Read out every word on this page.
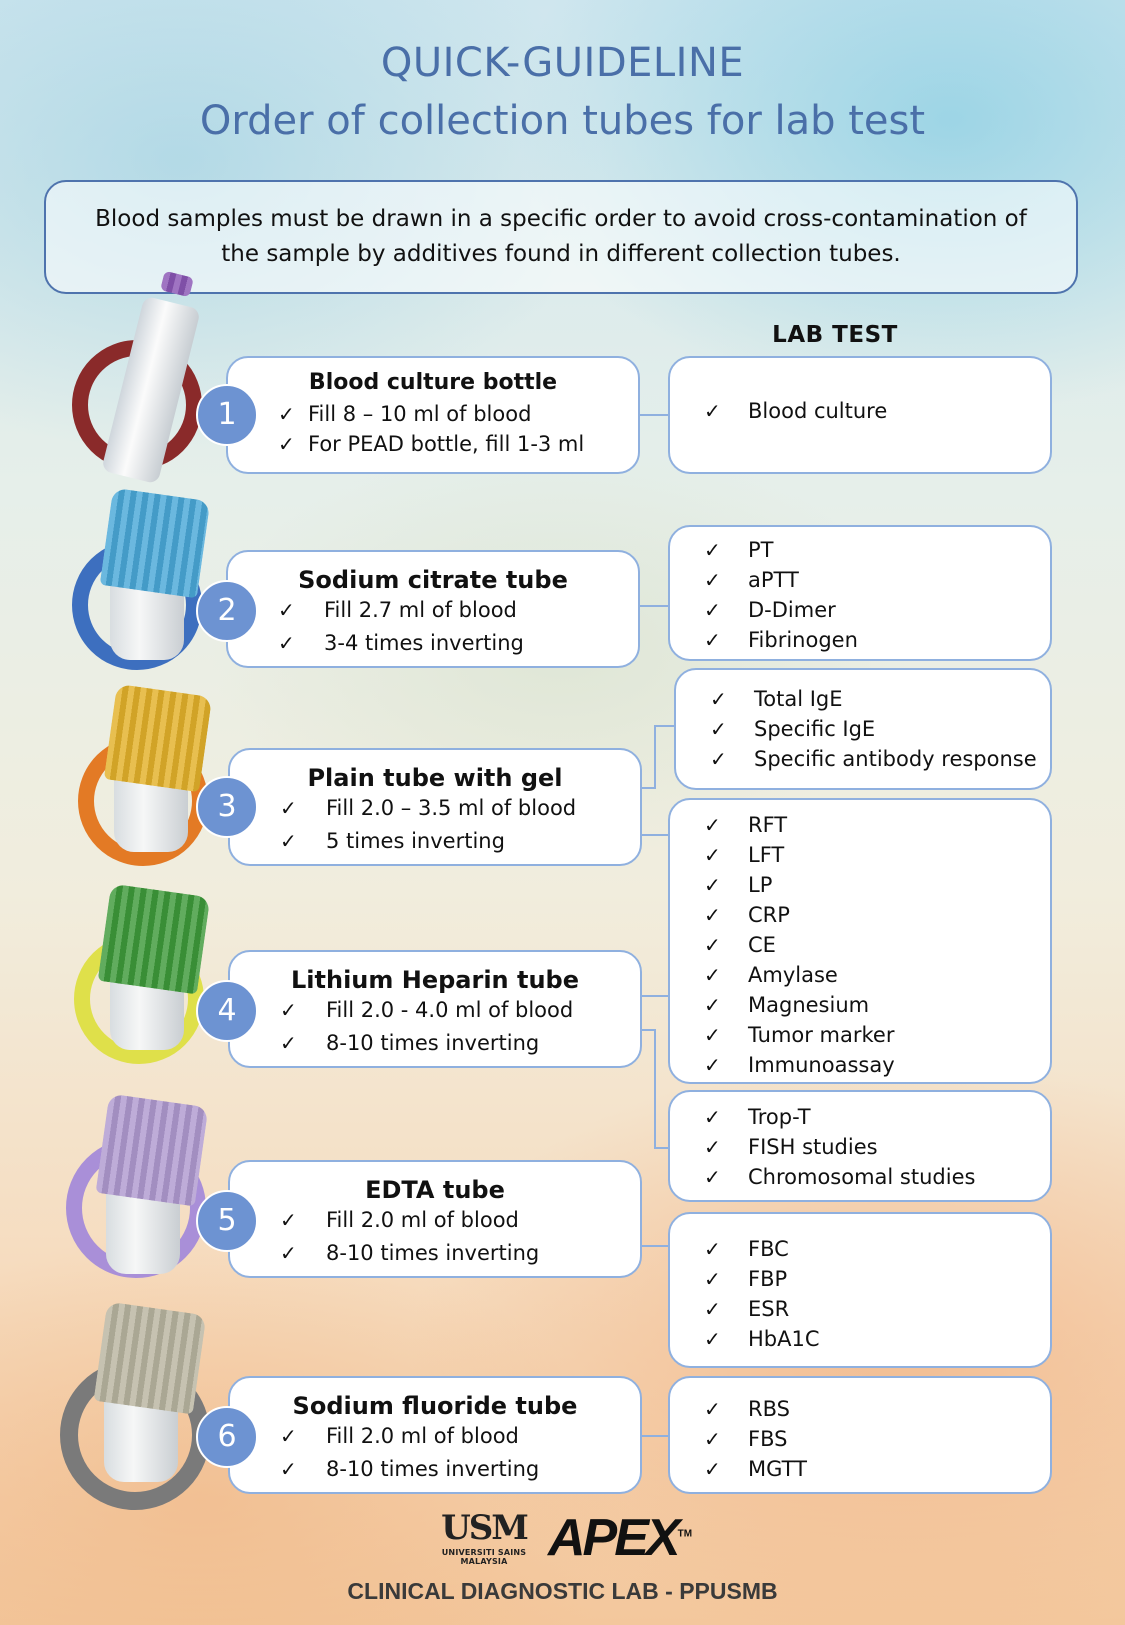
QUICK-GUIDELINE
Order of collection tubes for lab test
Blood samples must be drawn in a specific order to avoid cross-contamination of the sample by additives found in different collection tubes.
LAB TEST
Blood culture bottle
✓ Fill 8 – 10 ml of blood
✓ For PEAD bottle, fill 1-3 ml
Sodium citrate tube
✓ Fill 2.7 ml of blood
✓ 3-4 times inverting
Plain tube with gel
✓ Fill 2.0 – 3.5 ml of blood
✓ 5 times inverting
Lithium Heparin tube
✓ Fill 2.0 - 4.0 ml of blood
✓ 8-10 times inverting
EDTA tube
✓ Fill 2.0 ml of blood
✓ 8-10 times inverting
Sodium fluoride tube
✓ Fill 2.0 ml of blood
✓ 8-10 times inverting
1
2
3
4
5
6
✓ Blood culture
✓ PT
✓ aPTT
✓ D-Dimer
✓ Fibrinogen
✓ Total IgE
✓ Specific IgE
✓ Specific antibody response
✓ RFT
✓ LFT
✓ LP
✓ CRP
✓ CE
✓ Amylase
✓ Magnesium
✓ Tumor marker
✓ Immunoassay
✓ Trop-T
✓ FISH studies
✓ Chromosomal studies
✓ FBC
✓ FBP
✓ ESR
✓ HbA1C
✓ RBS
✓ FBS
✓ MGTT
USM
UNIVERSITI SAINS MALAYSIA APEX™
CLINICAL DIAGNOSTIC LAB - PPUSMB
